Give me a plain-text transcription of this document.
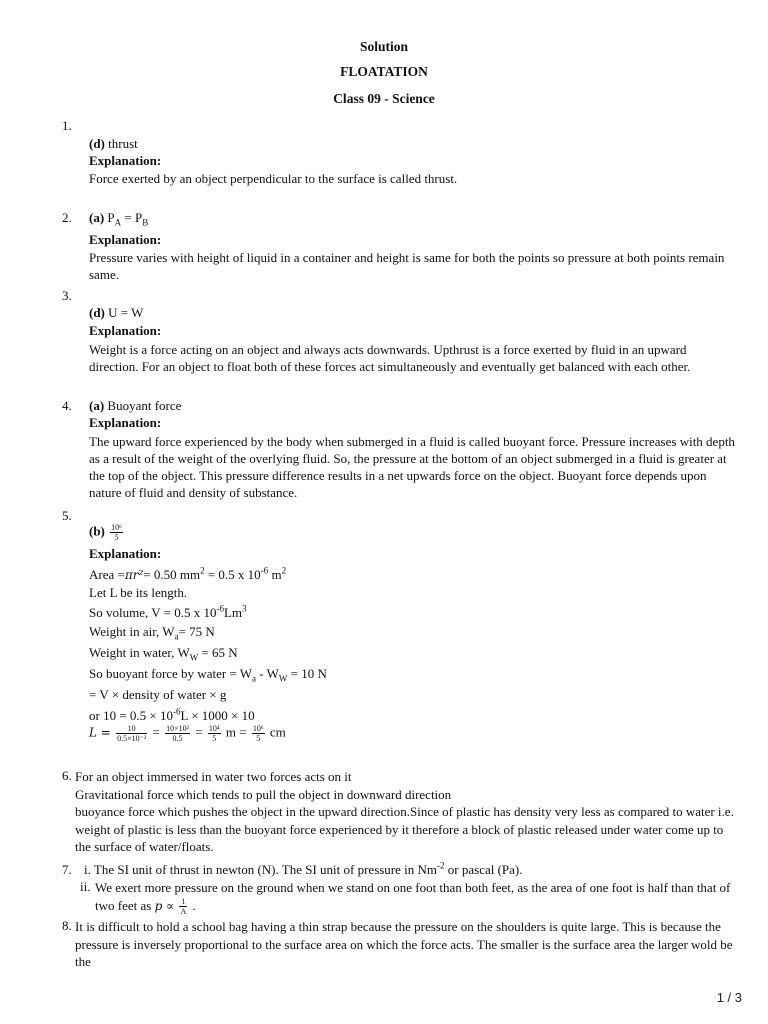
Solution
FLOATATION
Class 09 - Science
1.
(d) thrust
Explanation:
Force exerted by an object perpendicular to the surface is called thrust.
2. (a) $P_A = P_B$
Explanation:
Pressure varies with height of liquid in a container and height is same for both the points so pressure at both points remain same.
3.
(d) U = W
Explanation:
Weight is a force acting on an object and always acts downwards. Upthrust is a force exerted by fluid in an upward direction. For an object to float both of these forces act simultaneously and eventually get balanced with each other.
4. (a) Buoyant force
Explanation:
The upward force experienced by the body when submerged in a fluid is called buoyant force. Pressure increases with depth as a result of the weight of the overlying fluid. So, the pressure at the bottom of an object submerged in a fluid is greater at the top of the object. This pressure difference results in a net upwards force on the object. Buoyant force depends upon nature of fluid and density of substance.
5.
$(b) \frac{\text{10⁶}}{5}$
Explanation:
Area =πr²= 0.50 $mm^2 = 0.5$ x $10^{-6}$ $m^2$
Let L be its length.
So volume, V = 0.5 x $10^{-6}Lm^3$
Weight in air, $W_a= 75$ N
Weight in water, $W_W = 65$ N
So buoyant force by water = $W_a - W_W = 10$ N
= V × density of water × g
or $10 = 0.5 \times 10^{-6}L \times 1000 \times 10$
$L = \frac{10}{\text{0.5×10⁻²}} = \frac{\text{10×10²}}{0.5} = \frac{\text{10⁴}}{5}$ $m = \frac{\text{10⁶}}{5}$ cm
6. For an object immersed in water two forces acts on it
Gravitational force which tends to pull the object in downward direction
buoyance force which pushes the object in the upward direction.Since of plastic has density very less as compared to water i.e. weight of plastic is less than the buoyant force experienced by it therefore a block of plastic released under water come up to the surface of water/floats.
7. i. The SI unit of thrust in newton (N). The SI unit of pressure in $Nm^{-2}$ or pascal (Pa).
ii. We exert more pressure on the ground when we stand on one foot than both feet, as the area of one foot is half than that of two feet as $p \propto \frac{1}{A}$ .
8. It is difficult to hold a school bag having a thin strap because the pressure on the shoulders is quite large. This is because the pressure is inversely proportional to the surface area on which the force acts. The smaller is the surface area the larger wold be the
1 / 3
